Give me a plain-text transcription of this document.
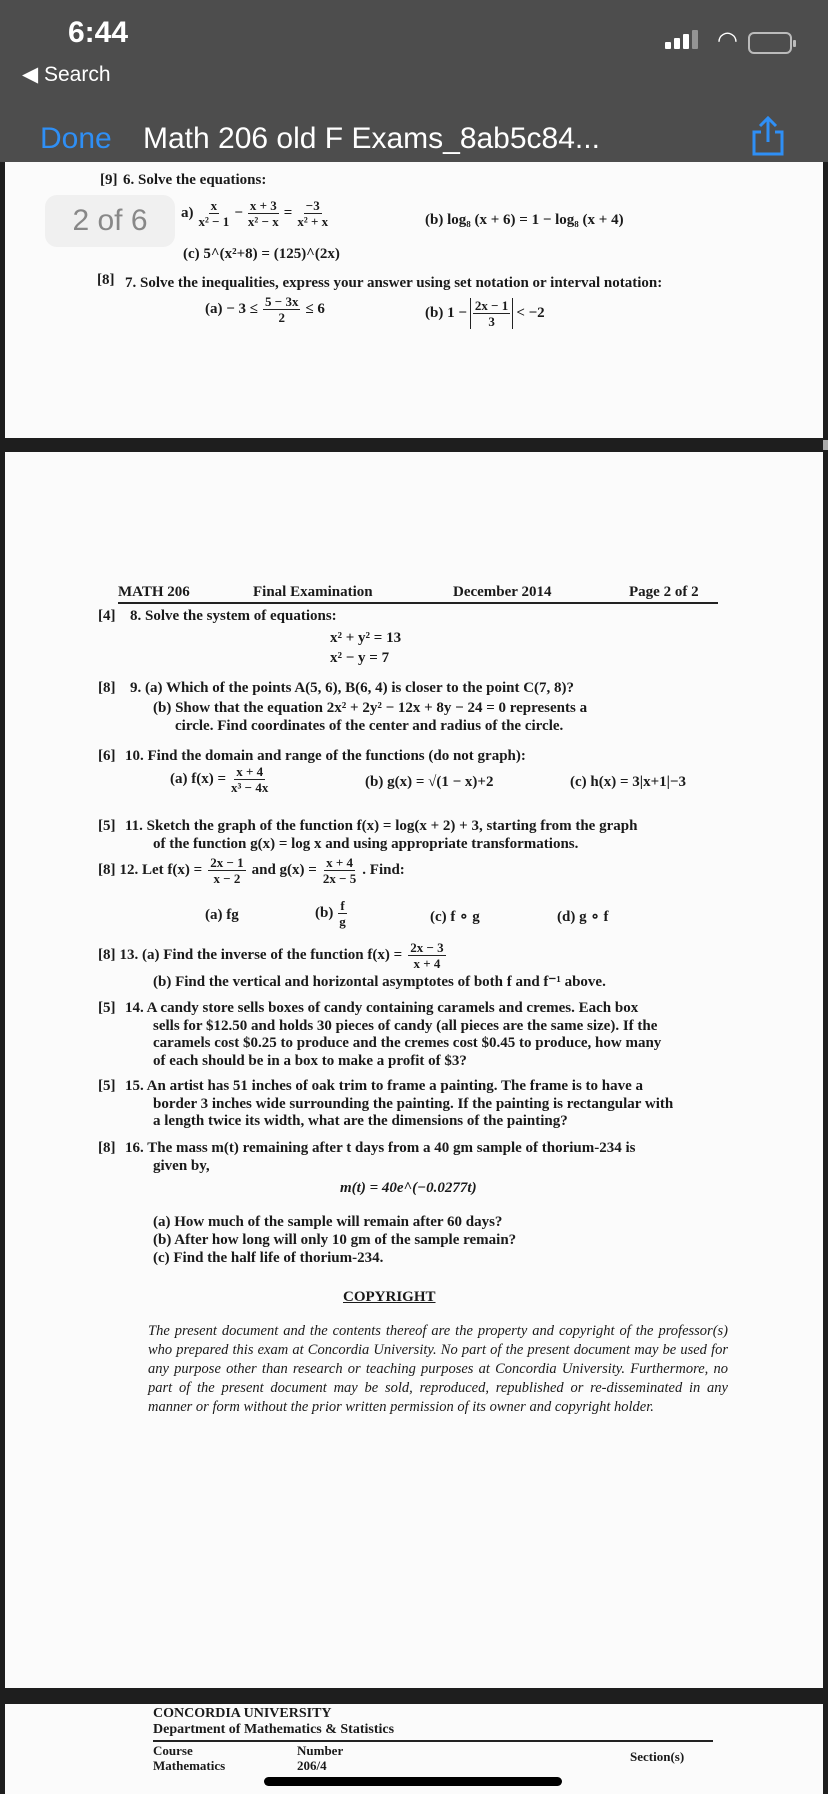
6:44
◀ Search
◠
Done Math 206 old F Exams_8ab5c84...
2 of 6
[9] 6. Solve the equations:
a) x
x² − 1
− x + 3
x² − x
= −3
x² + x	(b) log₈ (x + 6) = 1 − log₈ (x + 4)
(c) 5^(x²+8) = (125)^(2x)
[8] 7. Solve the inequalities, express your answer using set notation or interval notation:
$(a) - 3 \le \frac{5 - 3x}{2} \le 6$	(b) $1 - \frac{2x - 1}{3} < -2$
MATH 206	Final Examination	December 2014	Page 2 of 2
[4] 8. Solve the system of equations:
x² + y² = 13
x² − y = 7
[8] 9. (a) Which of the points A(5, 6), B(6, 4) is closer to the point C(7, 8)?
(b) Show that the equation 2x² + 2y² − 12x + 8y − 24 = 0 represents a
circle. Find coordinates of the center and radius of the circle.
[6] 10. Find the domain and range of the functions (do not graph):
(a) $f(x) = \frac{x + 4}{\text{x³ − 4x}}$	(b) g(x) = √(1 − x)+2	(c) h(x) = 3|x+1|−3
[5] 11. Sketch the graph of the function f(x) = log(x + 2) + 3, starting from the graph
of the function g(x) = log x and using appropriate transformations.
[8] 12. Let $f(x) = \frac{2x - 1}{x - 2}$ and $g(x) = \frac{x + 4}{2x - 5}$ . Find:
(a) fg	(b) f
g	(c) f ∘ g	(d) g ∘ f
[8] 13. (a) Find the inverse of the function $f(x) = \frac{2x - 3}{x + 4}$
(b) Find the vertical and horizontal asymptotes of both f and f⁻¹ above.
[5] 14. A candy store sells boxes of candy containing caramels and cremes. Each box
sells for $12.50 and holds 30 pieces of candy (all pieces are the same size). If the
caramels cost $0.25 to produce and the cremes cost $0.45 to produce, how many
of each should be in a box to make a profit of $3?
[5] 15. An artist has 51 inches of oak trim to frame a painting. The frame is to have a
border 3 inches wide surrounding the painting. If the painting is rectangular with
a length twice its width, what are the dimensions of the painting?
[8] 16. The mass m(t) remaining after t days from a 40 gm sample of thorium-234 is
given by,
m(t) = 40e^(−0.0277t)
(a) How much of the sample will remain after 60 days?
(b) After how long will only 10 gm of the sample remain?
(c) Find the half life of thorium-234.
COPYRIGHT
The present document and the contents thereof are the property and copyright of the professor(s) who prepared this exam at Concordia University. No part of the present document may be used for any purpose other than research or teaching purposes at Concordia University. Furthermore, no part of the present document may be sold, reproduced, republished or re-disseminated in any manner or form without the prior written permission of its owner and copyright holder.
CONCORDIA UNIVERSITY
Department of Mathematics & Statistics
Course	Number	Section(s)
Mathematics	206/4
